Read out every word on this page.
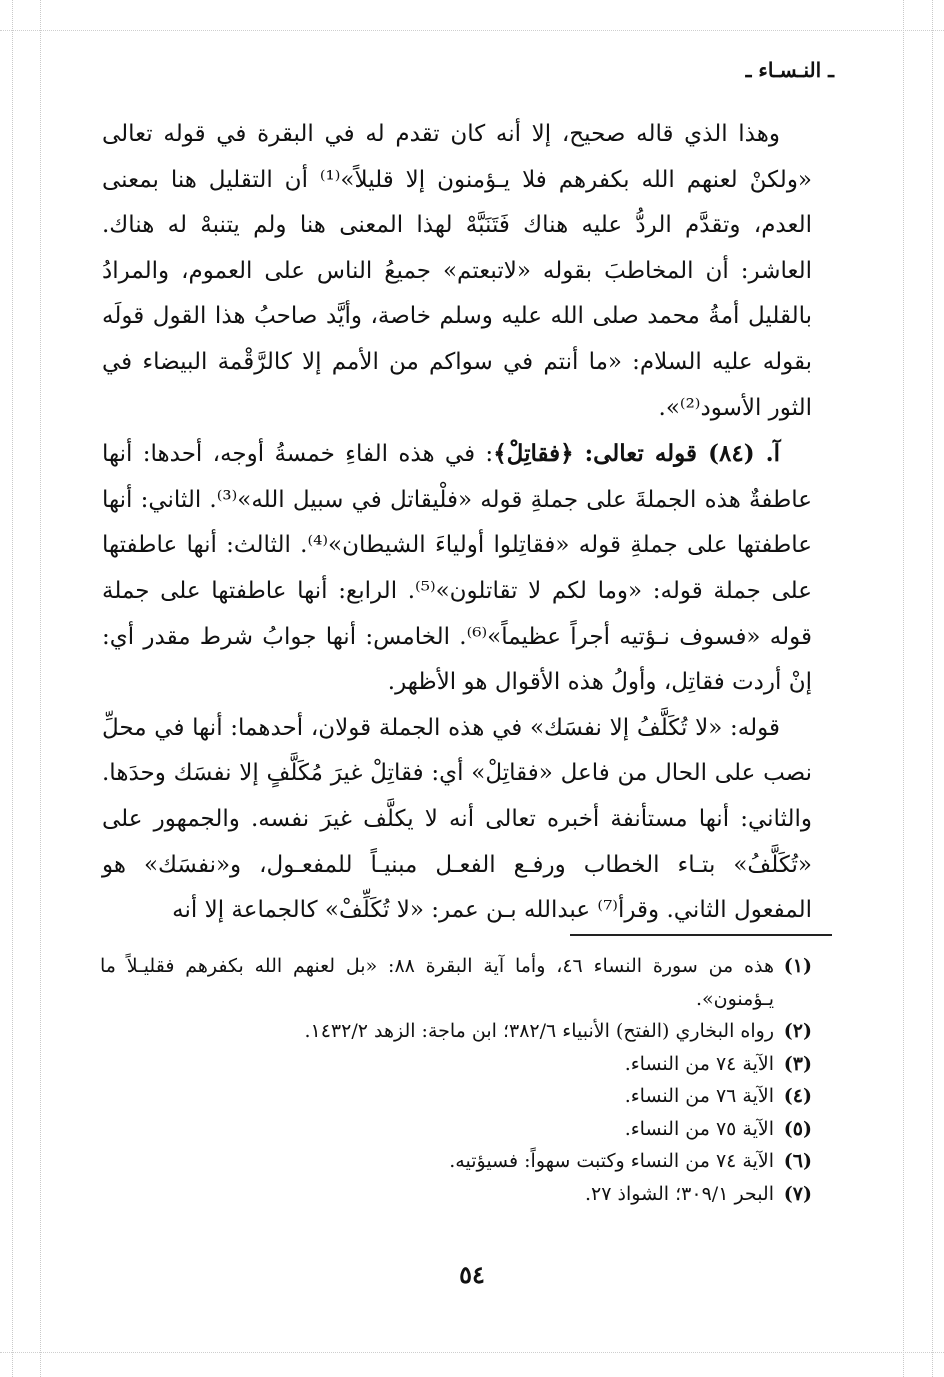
ـ النـسـاء ـ

وهذا الذي قاله صحيح، إلا أنه كان تقدم له في البقرة في قوله تعالى «ولكنْ لعنهم الله بكفرهم فلا يـؤمنون إلا قليلاً»⁽¹⁾ أن التقليل هنا بمعنى العدم، وتقدَّم الردُّ عليه هناك فَتَنَبَّهْ لهذا المعنى هنا ولم يتنبهْ له هناك. العاشر: أن المخاطبَ بقوله «لاتبعتم» جميعُ الناس على العموم، والمرادُ بالقليل أمةُ محمد صلى الله عليه وسلم خاصة، وأيَّد صاحبُ هذا القول قولَه بقوله عليه السلام: «ما أنتم في سواكم من الأمم إلا كالرَّقْمة البيضاء في الثور الأسود⁽²⁾».

آ. (٨٤) قوله تعالى: ﴿فقاتِلْ﴾: في هذه الفاءِ خمسةُ أوجه، أحدها: أنها عاطفةٌ هذه الجملةَ على جملةِ قوله «فلْيقاتل في سبيل الله»⁽³⁾. الثاني: أنها عاطفتها على جملةِ قوله «فقاتِلوا أولياءَ الشيطان»⁽⁴⁾. الثالث: أنها عاطفتها على جملة قوله: «وما لكم لا تقاتلون»⁽⁵⁾. الرابع: أنها عاطفتها على جملة قوله «فسوف نـؤتيه أجراً عظيماً»⁽⁶⁾. الخامس: أنها جوابُ شرط مقدر أي: إنْ أردت فقاتِل، وأولُ هذه الأقوال هو الأظهر.

قوله: «لا تُكَلَّفُ إلا نفسَك» في هذه الجملة قولان، أحدهما: أنها في محلِّ نصب على الحال من فاعل «فقاتِلْ» أي: فقاتِلْ غيرَ مُكَلَّفٍ إلا نفسَك وحدَها. والثاني: أنها مستأنفة أخبره تعالى أنه لا يكلَّف غيرَ نفسه. والجمهور على «تُكَلَّفُ» بتـاء الخطاب ورفـع الفعـل مبنيـاً للمفعـول، و«نفسَك» هو المفعول الثاني. وقرأ⁽⁷⁾ عبدالله بـن عمر: «لا تُكَلِّفْ» كالجماعة إلا أنه

(١)
هذه من سورة النساء ٤٦، وأما آية البقرة ٨٨: «بل لعنهم الله بكفرهم فقليـلاً ما يـؤمنون».
(٢)
رواه البخاري (الفتح) الأنبياء ٣٨٢/٦؛ ابن ماجة: الزهد ١٤٣٢/٢.
(٣)
الآية ٧٤ من النساء.
(٤)
الآية ٧٦ من النساء.
(٥)
الآية ٧٥ من النساء.
(٦)
الآية ٧٤ من النساء وكتبت سهواً: فسيؤتيه.
(٧)
البحر ٣٠٩/١؛ الشواذ ٢٧.
٥٤
